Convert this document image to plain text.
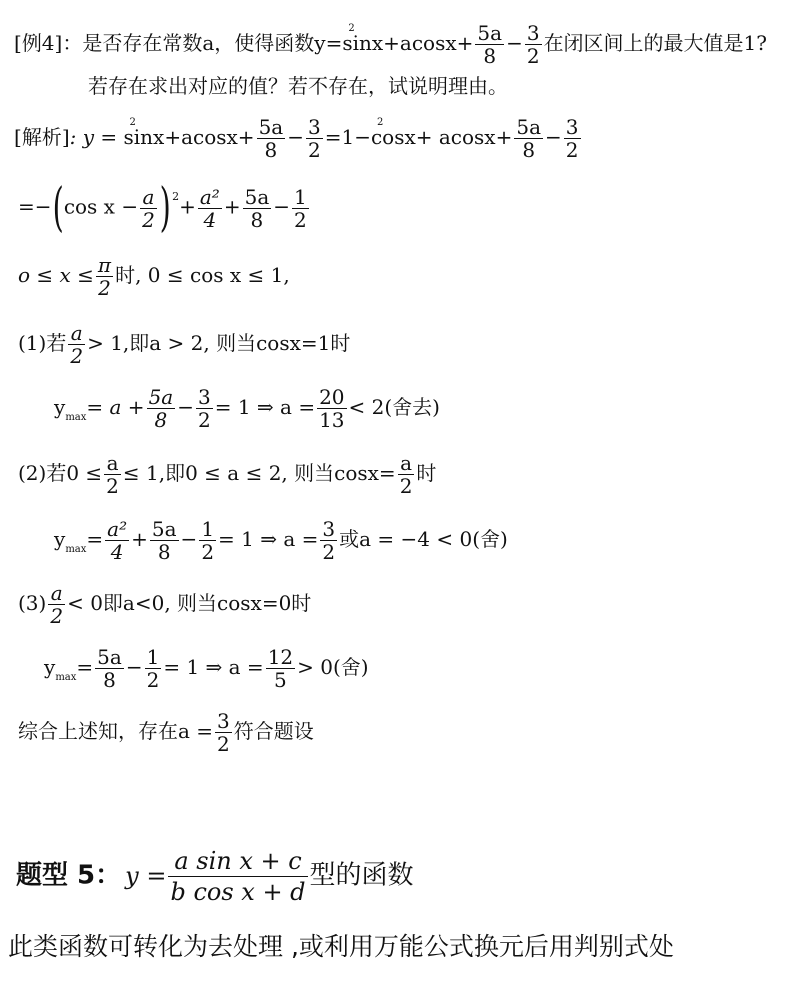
[例4]：是否存在常数a，使得函数y=
2
$\sin x+acosx+ \frac{5a}{8} - \frac{3}{2}$ 在闭区间上的最大值是1?
若存在求出对应的值？若不存在，试说明理由。
[解析]: y =
2
$\sin x+acosx+ \frac{5a}{8} - \frac{3}{2} =1-$
2
$\cos x+ acosx+ \frac{5a}{8} - \frac{3}{2}$
=−(cos $x - \frac{a}{2}$ ) $^2+ \frac{\text{a²}}{4} + \frac{5a}{8} - \frac{1}{2}$
$o \le x \le \frac{\pi}{2}$ 时, 0 ≤ cos x ≤ 1,
(1)若 $\frac{a}{2} > 1$,即a > 2, 则当cosx=1时
$y_{max}= a + \frac{5a}{8} - \frac{3}{2} = 1$ ⇒ $a = \frac{20}{13} < 2$(舍去)
(2)若$0 \le \frac{a}{2} \le 1$,即0 ≤ a ≤ 2, 则当$\cos x= \frac{a}{2}$ 时
$y_{max}= \frac{\text{a²}}{4} + \frac{5a}{8} - \frac{1}{2} = 1$ ⇒ $a = \frac{3}{2}$ 或a = −4 < 0(舍)
$(3) \frac{a}{2} < 0$即a<0, 则当cosx=0时
$y_{max}= \frac{5a}{8} - \frac{1}{2} = 1$ ⇒ $a = \frac{12}{5} > 0$(舍)
综合上述知，存在$a = \frac{3}{2}$ 符合题设
题型 5： $y = \frac{\text{a sin x + c}}{\text{b cos x + d}}$ 型的函数
此类函数可转化为去处理 ,或利用万能公式换元后用判别式处
